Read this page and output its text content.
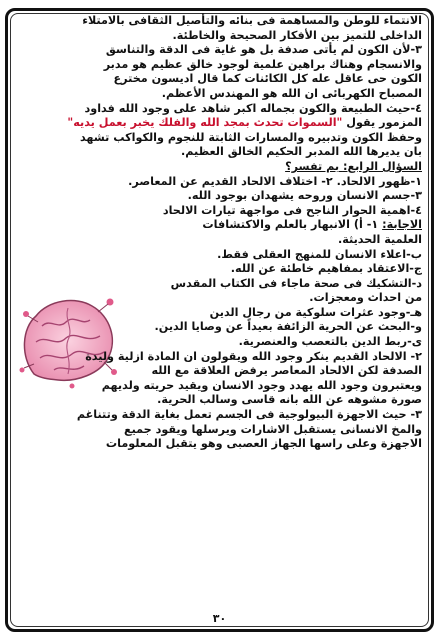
الانتماء للوطن والمساهمة فى بنائه والتأصيل الثقافى بالامتلاء

الداخلى للتميز بين الأفكار الصحيحة والخاطئة.

٣-لأن الكون لم يأتى صدفة بل هو غاية فى الدقة والتناسق

والانسجام وهناك براهين علمية لوجود خالق عظيم هو مدبر

الكون حى عاقل عله كل الكائنات كما قال اديسون مخترع

المصباح الكهربائى ان الله هو المهندس الأعظم.

٤-حيث الطبيعة والكون بجماله اكبر شاهد على وجود الله فداود

المزمور يقول "السموات تحدث بمجد الله والفلك يخبر بعمل يديه"

وحفظ الكون وتدبيره والمسارات الثابتة للنجوم والكواكب تشهد

بان يديرها الله المدبر الحكيم الخالق العظيم.

السؤال الرابع: بم تفسر؟

١-ظهور الالحاد. ٢- اختلاف الالحاد القديم عن المعاصر.

٣-جسم الانسان وروحه يشهدان بوجود الله.

٤-اهمية الحوار الناجح فى مواجهة تيارات الالحاد

الاجابة: ١- أ) الانبهار بالعلم والاكتشافات

العلمية الحديثة.

ب-اعلاء الانسان للمنهج العقلى فقط.

ج-الاعتقاد بمفاهيم خاطئة عن الله.

د-التشكيك فى صحة ماجاء فى الكتاب المقدس

من احداث ومعجزات.

هـ-وجود عثرات سلوكية من رجال الدين

و-البحث عن الحرية الزائفة بعيداً عن وصايا الدين.

ى-ربط الدين بالتعصب والعنصرية.

٢- الالحاد القديم ينكر وجود الله ويقولون ان المادة ازلية وليدة

الصدفة لكن الالحاد المعاصر يرفض العلاقة مع الله

ويعتبرون وجود الله يهدد وجود الانسان ويقيد حريته ولديهم

صورة مشوهه عن الله بانه قاسى وسالب الحرية.

٣- حيث الاجهزة البيولوجية فى الجسم تعمل بغاية الدقة وتتناغم

والمخ الانسانى يستقبل الاشارات ويرسلها ويقود جميع

الاجهزة وعلى راسها الجهاز العصبى وهو يتقبل المعلومات

٣٠
